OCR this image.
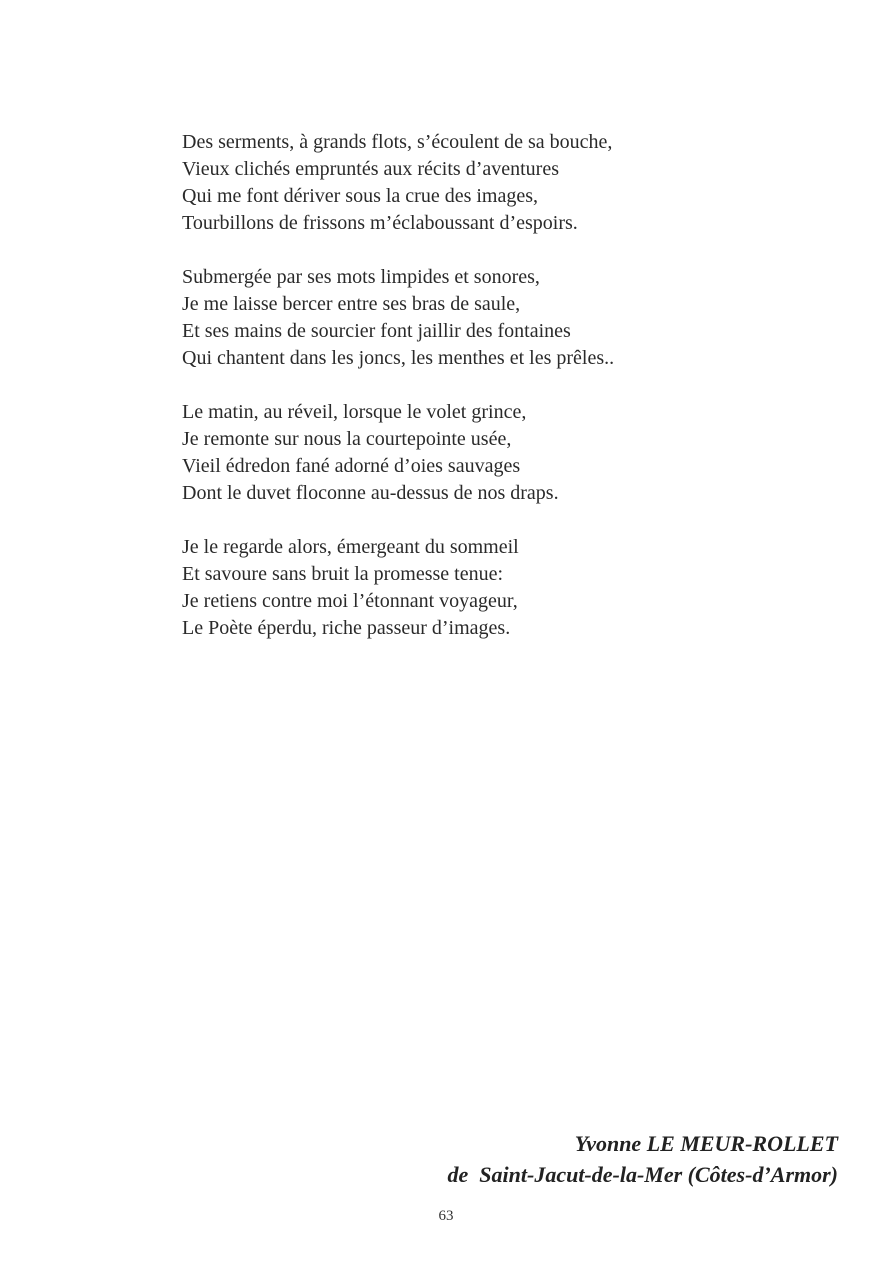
Des serments, à grands flots, s’écoulent de sa bouche,
Vieux clichés empruntés aux récits d’aventures
Qui me font dériver sous la crue des images,
Tourbillons de frissons m’éclaboussant d’espoirs.
Submergée par ses mots limpides et sonores,
Je me laisse bercer entre ses bras de saule,
Et ses mains de sourcier font jaillir des fontaines
Qui chantent dans les joncs, les menthes et les prêles..
Le matin, au réveil, lorsque le volet grince,
Je remonte sur nous la courtepointe usée,
Vieil édredon fané adorné d’oies sauvages
Dont le duvet floconne au-dessus de nos draps.
Je le regarde alors, émergeant du sommeil
Et savoure sans bruit la promesse tenue:
Je retiens contre moi l’étonnant voyageur,
Le Poète éperdu, riche passeur d’images.
Yvonne LE MEUR-ROLLET
de  Saint-Jacut-de-la-Mer (Côtes-d’Armor)
63
